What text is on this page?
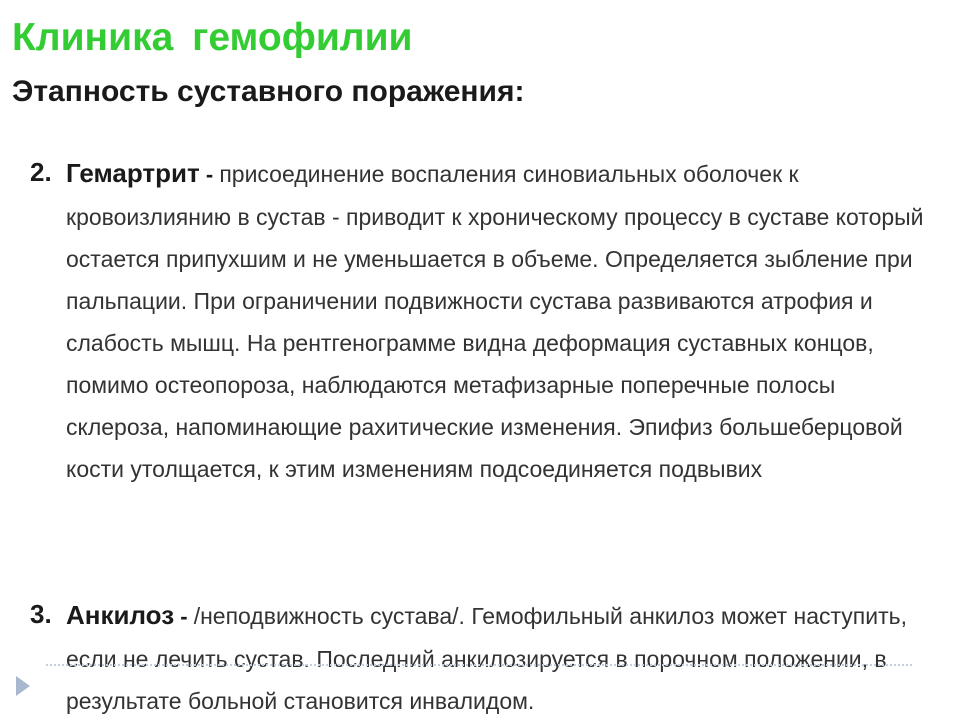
Клиника гемофилии
Этапность суставного поражения:
2. Гемартрит - присоединение воспаления синовиальных оболочек к кровоизлиянию в сустав - приводит к хроническому процессу в суставе который остается припухшим и не уменьшается в объеме. Определяется зыбление при пальпации. При ограничении подвижности сустава развиваются атрофия и слабость мышц. На рентгенограмме видна деформация суставных концов, помимо остеопороза, наблюдаются метафизарные поперечные полосы склероза, напоминающие рахитические изменения. Эпифиз большеберцовой кости утолщается, к этим изменениям подсоединяется подвывих
3. Анкилоз - /неподвижность сустава/. Гемофильный анкилоз может наступить, если не лечить сустав. Последний анкилозируется в порочном положении, в результате больной становится инвалидом.
